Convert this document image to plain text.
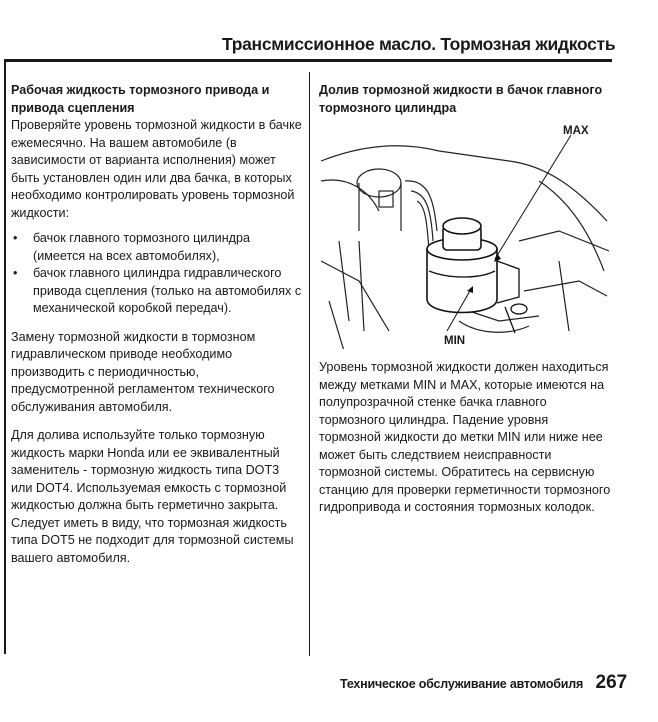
Трансмиссионное масло. Тормозная жидкость

Рабочая жидкость тормозного привода и привода сцепления

Проверяйте уровень тормозной жидкости в бачке ежемесячно. На вашем автомобиле (в зависимости от варианта исполнения) может быть установлен один или два бачка, в которых необходимо контролировать уровень тормозной жидкости:

• бачок главного тормозного цилиндра (имеется на всех автомобилях),
• бачок главного цилиндра гидравлического привода сцепления (только на автомобилях с механической коробкой передач).

Замену тормозной жидкости в тормозном гидравлическом приводе необходимо производить с периодичностью, предусмотренной регламентом технического обслуживания автомобиля.

Для долива используйте только тормозную жидкость марки Honda или ее эквивалентный заменитель - тормозную жидкость типа DOT3 или DOT4. Используемая емкость с тормозной жидкостью должна быть герметично закрыта. Следует иметь в виду, что тормозная жидкость типа DOT5 не подходит для тормозной системы вашего автомобиля.

Долив тормозной жидкости в бачок главного тормозного цилиндра

MAX
MIN

Уровень тормозной жидкости должен находиться между метками MIN и MAX, которые имеются на полупрозрачной стенке бачка главного тормозного цилиндра. Падение уровня тормозной жидкости до метки MIN или ниже нее может быть следствием неисправности тормозной системы. Обратитесь на сервисную станцию для проверки герметичности тормозного гидропривода и состояния тормозных колодок.

Техническое обслуживание автомобиля 267
